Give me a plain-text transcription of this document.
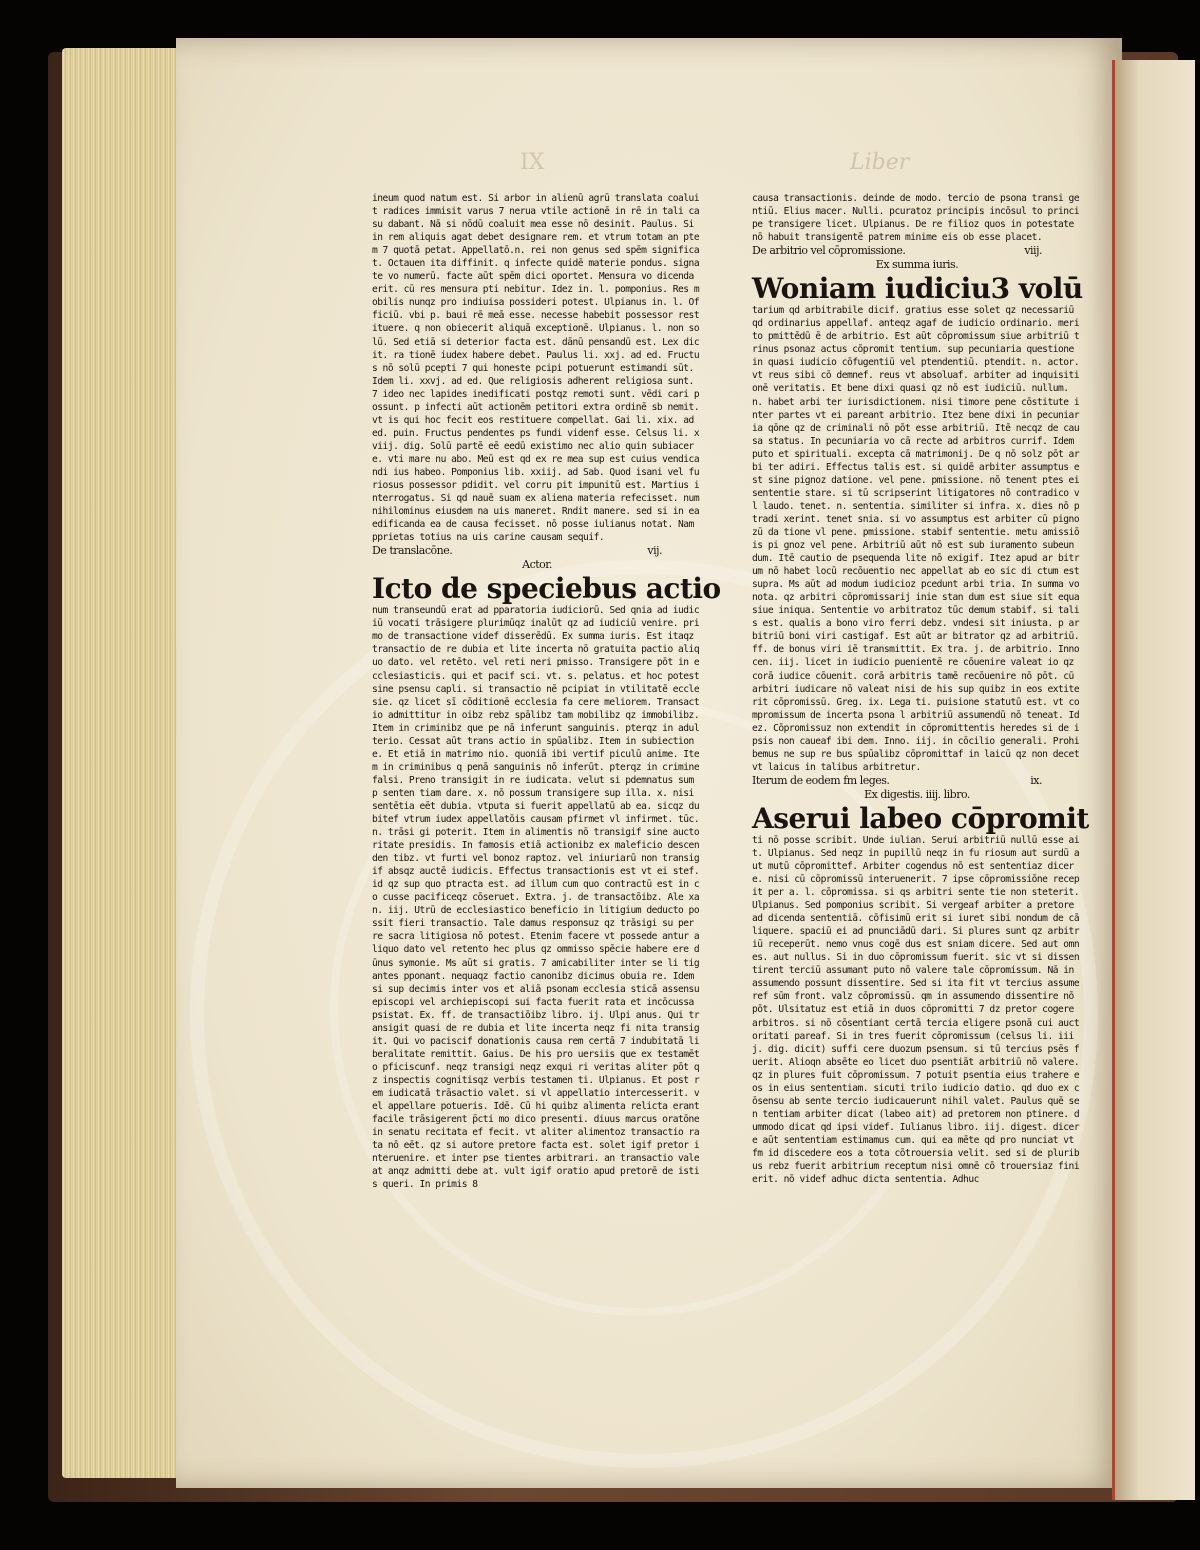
IX	Liber
ineum quod natum est. Si arbor in alienū agrū translata coaluit radices immisit varus 7 nerua vtile actionē in rē in tali casu dabant. Nā si nōdū coaluit mea esse nō desinit. Paulus. Si in rem aliquis agat debet designare rem. et vtrum totam an ptem 7 quotā petat. Appellatō.n. rei non genus sed spēm significat. Octauen ita diffinit. q infecte quidē materie pondus. signate vo numerū. facte aūt spēm dici oportet. Mensura vo dicenda erit. cū res mensura pti nebitur. Idez in. l. pomponius. Res mobilis nunqz pro indiuisa possideri potest. Ulpianus in. l. Officiū. vbi p. baui rē meā esse. necesse habebit possessor restituere. q non obiecerit aliquā exceptionē. Ulpianus. l. non solū. Sed etiā si deterior facta est. dānū pensandū est. Lex dicit. ra tionē iudex habere debet. Paulus li. xxj. ad ed. Fructus nō solū pcepti 7 qui honeste pcipi potuerunt estimandi sūt. Idem li. xxvj. ad ed. Que religiosis adherent religiosa sunt. 7 ideo nec lapides inedificati postqz remoti sunt. vēdi cari possunt. p infecti aūt actionēm petitori extra ordinē sb nemit. vt is qui hoc fecit eos restituere compellat. Gai li. xix. ad ed. puin. Fructus pendentes ps fundi videnf esse. Celsus li. xviij. dig. Solū partē eē eedū existimo nec alio quin subiacere. vti mare nu abo. Meū est qd ex re mea sup est cuius vendicandi ius habeo. Pomponius lib. xxiij. ad Sab. Quod isani vel furiosus possessor pdidit. vel corru pit impunitū est. Martius interrogatus. Si qd nauē suam ex aliena materia refecisset. num nihilominus eiusdem na uis maneret. Rndit manere. sed si in ea edificanda ea de causa fecisset. nō posse iulianus notat. Nam pprietas totius na uis carine causam sequif.
De translacōne.	vij.
Actor.
Icto de speciebus actio
num transeundū erat ad pparatoria iudiciorū. Sed qnia ad iudiciū vocati trāsigere plurimūqz inalūt qz ad iudiciū venire. primo de transactione videf disserēdū. Ex summa iuris. Est itaqz transactio de re dubia et lite incerta nō gratuita pactio aliquo dato. vel retēto. vel reti neri pmisso. Transigere pōt in ecclesiasticis. qui et pacif sci. vt. s. pelatus. et hoc potest sine psensu capli. si transactio nē pcipiat in vtilitatē ecclesie. qz licet sī cōditionē ecclesia fa cere meliorem. Transactio admittitur in oibz rebz spālibz tam mobilibz qz immobilibz. Item in criminibz que pe nā inferunt sanguinis. pterqz in adulterio. Cessat aūt trans actio in spūalibz. Item in subiectione. Et etiā in matrimo nio. quoniā ibi vertif piculū anime. Item in criminibus q penā sanguinis nō inferūt. pterqz in crimine falsi. Preno transigit in re iudicata. velut si pdemnatus sum p senten tiam dare. x. nō possum transigere sup illa. x. nisi sentētia eēt dubia. vtputa si fuerit appellatū ab ea. sicqz dubitef vtrum iudex appellatōis causam pfirmet vl infirmet. tūc. n. trāsi gi poterit. Item in alimentis nō transigif sine auctoritate presidis. In famosis etiā actionibz ex maleficio descenden tibz. vt furti vel bonoz raptoz. vel iniuriarū non transigif absqz auctē iudicis. Effectus transactionis est vt ei stef. id qz sup quo ptracta est. ad illum cum quo contractū est in co cusse pacificeqz cōseruet. Extra. j. de transactōibz. Ale xan. iij. Utrū de ecclesiastico beneficio in litigium deducto possit fieri transactio. Tale damus responsuz qz trāsigi su per re sacra litigiosa nō potest. Etenim facere vt possede antur aliquo dato vel retento hec plus qz ommisso spēcie habere ere dūnus symonie. Ms aūt si gratis. 7 amicabiliter inter se li tigantes pponant. nequaqz factio canonibz dicimus obuia re. Idem si sup decimis inter vos et aliā psonam ecclesia sticā assensu episcopi vel archiepiscopi sui facta fuerit rata et incōcussa psistat. Ex. ff. de transactiōibz libro. ij. Ulpi anus. Qui transigit quasi de re dubia et lite incerta neqz fi nita transigit. Qui vo paciscif donationis causa rem certā 7 indubitatā liberalitate remittit. Gaius. De his pro uersiis que ex testamēto pficiscunf. neqz transigi neqz exqui ri veritas aliter pōt qz inspectis cognitisqz verbis testamen ti. Ulpianus. Et post rem iudicatā trāsactio valet. si vl appellatio intercesserit. vel appellare potueris. Idē. Cū hi quibz alimenta relicta erant facile trāsigerent p̄cti mo dico presenti. diuus marcus oratōne in senatu recitata ef fecit. vt aliter alimentoz transactio rata nō eēt. qz si autore pretore facta est. solet igif pretor interuenire. et inter pse tientes arbitrari. an transactio valeat anqz admitti debe at. vult igif oratio apud pretorē de istis queri. In primis 8
causa transactionis. deinde de modo. tercio de psona transi gentiū. Elius macer. Nulli. pcuratoz principis incōsul to principe transigere licet. Ulpianus. De re filioz quos in potestate nō habuit transigentē patrem minime eis ob esse placet.
De arbitrio vel cōpromissione.	viij.
Ex summa iuris.
Woniam iudiciu3 volū
tarium qd arbitrabile dicif. gratius esse solet qz necessariū qd ordinarius appellaf. anteqz agaf de iudicio ordinario. merito pmittēdū ē de arbitrio. Est aūt cōpromissum siue arbitriū trinus psonaz actus cōpromit tentium. sup pecuniaria questione in quasi iudicio cōfugentiū vel ptendentiū. ptendit. n. actor. vt reus sibi cō demnef. reus vt absoluaf. arbiter ad inquisitionē veritatis. Et bene dixi quasi qz nō est iudiciū. nullum. n. habet arbi ter iurisdictionem. nisi timore pene cōstitute inter partes vt ei pareant arbitrio. Itez bene dixi in pecuniaria qōne qz de criminali nō pōt esse arbitriū. Itē necqz de causa status. In pecuniaria vo cā recte ad arbitros currif. Idem puto et spirituali. excepta cā matrimonij. De q nō solz pōt arbi ter adiri. Effectus talis est. si quidē arbiter assumptus est sine pignoz datione. vel pene. pmissione. nō tenent ptes ei sententie stare. si tū scripserint litigatores nō contradico vl laudo. tenet. n. sententia. similiter si infra. x. dies nō ptradi xerint. tenet snia. si vo assumptus est arbiter cū pignozū da tione vl pene. pmissione. stabif sententie. metu amissiōis pi gnoz vel pene. Arbitriū aūt nō est sub iuramento subeun dum. Itē cautio de psequenda lite nō exigif. Itez apud ar bitrum nō habet locū recōuentio nec appellat ab eo sic di ctum est supra. Ms aūt ad modum iudicioz pcedunt arbi tria. In summa vo nota. qz arbitri cōpromissarij inie stan dum est siue sit equa siue iniqua. Sententie vo arbitratoz tūc demum stabif. si talis est. qualis a bono viro ferri debz. vndesi sit iniusta. p arbitriū boni viri castigaf. Est aūt ar bitrator qz ad arbitriū. ff. de bonus viri iē transmittit. Ex tra. j. de arbitrio. Inno cen. iij. licet in iudicio puenientē re cōuenire valeat io qz corā iudice cōuenit. corā arbitris tamē recōuenire nō pōt. cū arbitri iudicare nō valeat nisi de his sup quibz in eos extiterit cōpromissū. Greg. ix. Lega ti. puisione statutū est. vt compromissum de incerta psona l arbitriū assumendū nō teneat. Idez. Cōpromissuz non extendit in cōpromittentis heredes si de ipsis non caueaf ibi dem. Inno. iij. in cōcilio generali. Prohibemus ne sup re bus spūalibz cōpromittaf in laicū qz non decet vt laicus in talibus arbitretur.
Iterum de eodem fm leges.	ix.
Ex digestis. iiij. libro.
Aserui labeo cōpromit
ti nō posse scribit. Unde iulian. Serui arbitriū nullū esse ait. Ulpianus. Sed neqz in pupillū neqz in fu riosum aut surdū aut mutū cōpromittef. Arbiter cogendus nō est sententiaz dicere. nisi cū cōpromissū interuenerit. 7 ipse cōpromissiōne recepit per a. l. cōpromissa. si qs arbitri sente tie non steterit. Ulpianus. Sed pomponius scribit. Si vergeaf arbiter a pretore ad dicenda sententiā. cōfisimū erit si iuret sibi nondum de cā liquere. spaciū ei ad pnunciādū dari. Si plures sunt qz arbitriū receperūt. nemo vnus cogē dus est sniam dicere. Sed aut omnes. aut nullus. Si in duo cōpromissum fuerit. sic vt si dissentirent terciū assumant puto nō valere tale cōpromissum. Nā in assumendo possunt dissentire. Sed si ita fit vt tercius assumeref sūm front. valz cōpromissū. qm in assumendo dissentire nō pōt. Ulsitatuz est etiā in duos cōpromitti 7 dz pretor cogere arbitros. si nō cōsentiant certā tercia eligere psonā cui auctoritati pareaf. Si in tres fuerit cōpromissum (celsus li. iiij. dig. dicit) suffi cere duozum psensum. si tū tercius psēs fuerit. Alioqn absēte eo licet duo psentiāt arbitriū nō valere. qz in plures fuit cōpromissum. 7 potuit psentia eius trahere eos in eius sententiam. sicuti trilo iudicio datio. qd duo ex cōsensu ab sente tercio iudicauerunt nihil valet. Paulus quē sen tentiam arbiter dicat (labeo ait) ad pretorem non ptinere. dummodo dicat qd ipsi videf. Iulianus libro. iij. digest. dicere aūt sententiam estimamus cum. qui ea mēte qd pro nunciat vt fm id discedere eos a tota cōtrouersia velit. sed si de pluribus rebz fuerit arbitrium receptum nisi omnē cō trouersiaz finierit. nō videf adhuc dicta sententia. Adhuc
